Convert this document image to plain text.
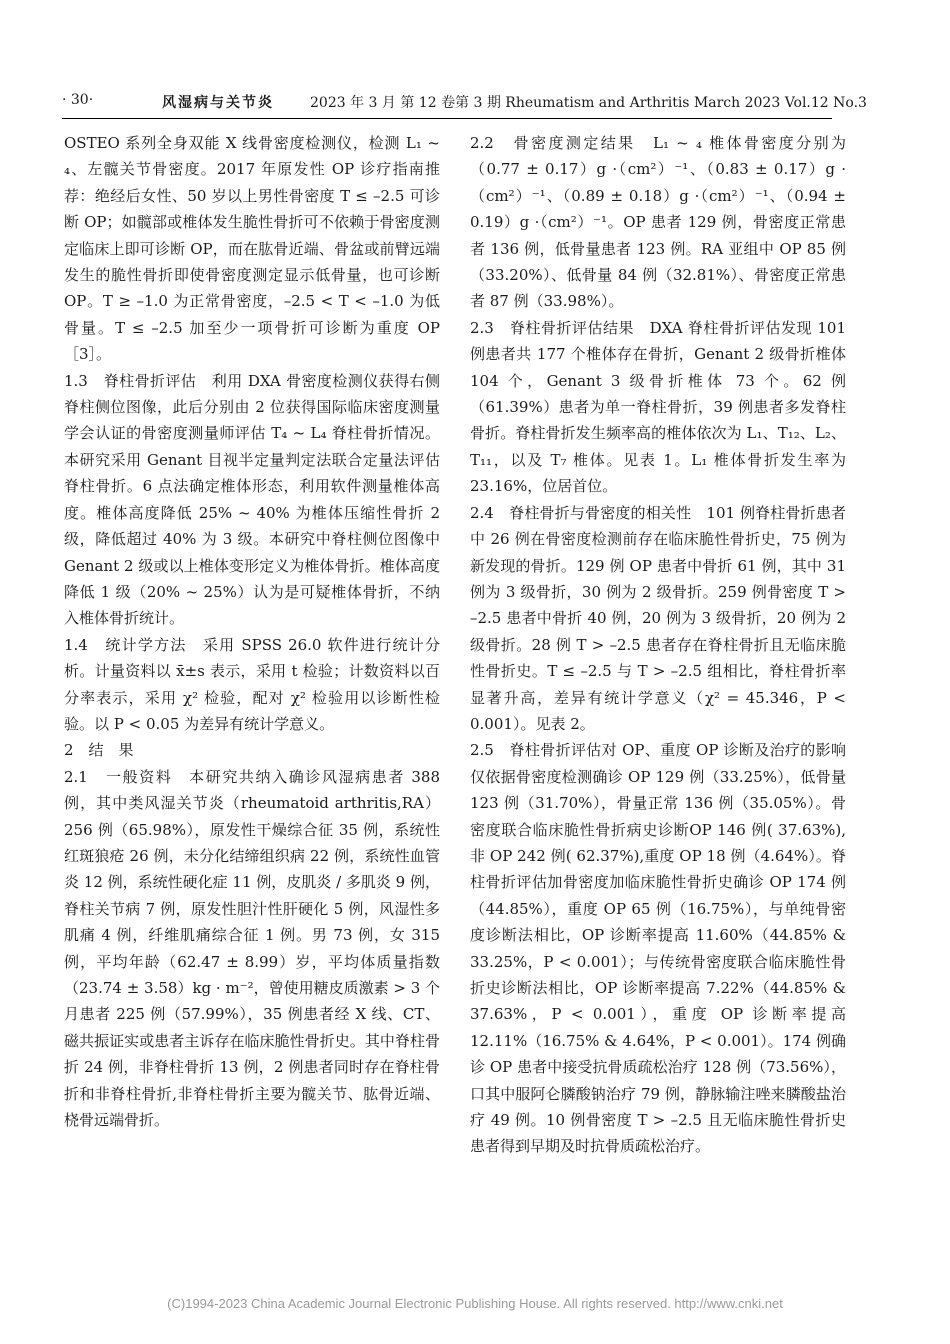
· 30·	风湿病与关节炎	2023 年 3 月 第 12 卷第 3 期 Rheumatism and Arthritis March 2023 Vol.12 No.3

OSTEO 系列全身双能 X 线骨密度检测仪，检测 L₁ ~ ₄、左髋关节骨密度。2017 年原发性 OP 诊疗指南推荐：绝经后女性、50 岁以上男性骨密度 T ≤ –2.5 可诊断 OP；如髋部或椎体发生脆性骨折可不依赖于骨密度测定临床上即可诊断 OP，而在肱骨近端、骨盆或前臂远端发生的脆性骨折即使骨密度测定显示低骨量，也可诊断 OP。T ≥ –1.0 为正常骨密度，–2.5 < T < –1.0 为低骨量。T ≤ –2.5 加至少一项骨折可诊断为重度 OP［3］。

1.3　脊柱骨折评估　利用 DXA 骨密度检测仪获得右侧脊柱侧位图像，此后分别由 2 位获得国际临床密度测量学会认证的骨密度测量师评估 T₄ ~ L₄ 脊柱骨折情况。本研究采用 Genant 目视半定量判定法联合定量法评估脊柱骨折。6 点法确定椎体形态，利用软件测量椎体高度。椎体高度降低 25% ~ 40% 为椎体压缩性骨折 2 级，降低超过 40% 为 3 级。本研究中脊柱侧位图像中 Genant 2 级或以上椎体变形定义为椎体骨折。椎体高度降低 1 级（20% ~ 25%）认为是可疑椎体骨折，不纳入椎体骨折统计。

1.4　统计学方法　采用 SPSS 26.0 软件进行统计分析。计量资料以 x̄±s 表示，采用 t 检验；计数资料以百分率表示，采用 χ² 检验，配对 χ² 检验用以诊断性检验。以 P < 0.05 为差异有统计学意义。

2　结　果

2.1　一般资料　本研究共纳入确诊风湿病患者 388 例，其中类风湿关节炎（rheumatoid arthritis,RA）256 例（65.98%），原发性干燥综合征 35 例，系统性红斑狼疮 26 例，未分化结缔组织病 22 例，系统性血管炎 12 例，系统性硬化症 11 例，皮肌炎 / 多肌炎 9 例，脊柱关节病 7 例，原发性胆汁性肝硬化 5 例，风湿性多肌痛 4 例，纤维肌痛综合征 1 例。男 73 例，女 315 例，平均年龄（62.47 ± 8.99）岁，平均体质量指数（23.74 ± 3.58）kg · m⁻²，曾使用糖皮质激素 > 3 个月患者 225 例（57.99%），35 例患者经 X 线、CT、磁共振证实或患者主诉存在临床脆性骨折史。其中脊柱骨折 24 例，非脊柱骨折 13 例，2 例患者同时存在脊柱骨折和非脊柱骨折,非脊柱骨折主要为髋关节、肱骨近端、桡骨远端骨折。

2.2　骨密度测定结果　L₁ ~ ₄ 椎体骨密度分别为（0.77 ± 0.17）g ·（cm²）⁻¹、（0.83 ± 0.17）g ·（cm²）⁻¹、（0.89 ± 0.18）g ·（cm²）⁻¹、（0.94 ± 0.19）g ·（cm²）⁻¹。OP 患者 129 例，骨密度正常患者 136 例，低骨量患者 123 例。RA 亚组中 OP 85 例（33.20%）、低骨量 84 例（32.81%）、骨密度正常患者 87 例（33.98%）。

2.3　脊柱骨折评估结果　DXA 脊柱骨折评估发现 101 例患者共 177 个椎体存在骨折，Genant 2 级骨折椎体 104 个，Genant 3 级骨折椎体 73 个。62 例（61.39%）患者为单一脊柱骨折，39 例患者多发脊柱骨折。脊柱骨折发生频率高的椎体依次为 L₁、T₁₂、L₂、T₁₁，以及 T₇ 椎体。见表 1。L₁ 椎体骨折发生率为 23.16%，位居首位。

2.4　脊柱骨折与骨密度的相关性　101 例脊柱骨折患者中 26 例在骨密度检测前存在临床脆性骨折史，75 例为新发现的骨折。129 例 OP 患者中骨折 61 例，其中 31 例为 3 级骨折，30 例为 2 级骨折。259 例骨密度 T > –2.5 患者中骨折 40 例，20 例为 3 级骨折，20 例为 2 级骨折。28 例 T > –2.5 患者存在脊柱骨折且无临床脆性骨折史。T ≤ –2.5 与 T > –2.5 组相比，脊柱骨折率显著升高，差异有统计学意义（χ² = 45.346，P < 0.001）。见表 2。

2.5　脊柱骨折评估对 OP、重度 OP 诊断及治疗的影响　仅依据骨密度检测确诊 OP 129 例（33.25%），低骨量 123 例（31.70%），骨量正常 136 例（35.05%）。骨密度联合临床脆性骨折病史诊断OP 146 例( 37.63%),非 OP 242 例( 62.37%),重度 OP 18 例（4.64%）。脊柱骨折评估加骨密度加临床脆性骨折史确诊 OP 174 例（44.85%），重度 OP 65 例（16.75%），与单纯骨密度诊断法相比，OP 诊断率提高 11.60%（44.85% & 33.25%，P < 0.001）；与传统骨密度联合临床脆性骨折史诊断法相比，OP 诊断率提高 7.22%（44.85% & 37.63%，P < 0.001），重度 OP 诊断率提高 12.11%（16.75% & 4.64%，P < 0.001）。174 例确诊 OP 患者中接受抗骨质疏松治疗 128 例（73.56%），口其中服阿仑膦酸钠治疗 79 例，静脉输注唑来膦酸盐治疗 49 例。10 例骨密度 T > –2.5 且无临床脆性骨折史患者得到早期及时抗骨质疏松治疗。

(C)1994-2023 China Academic Journal Electronic Publishing House. All rights reserved. http://www.cnki.net
